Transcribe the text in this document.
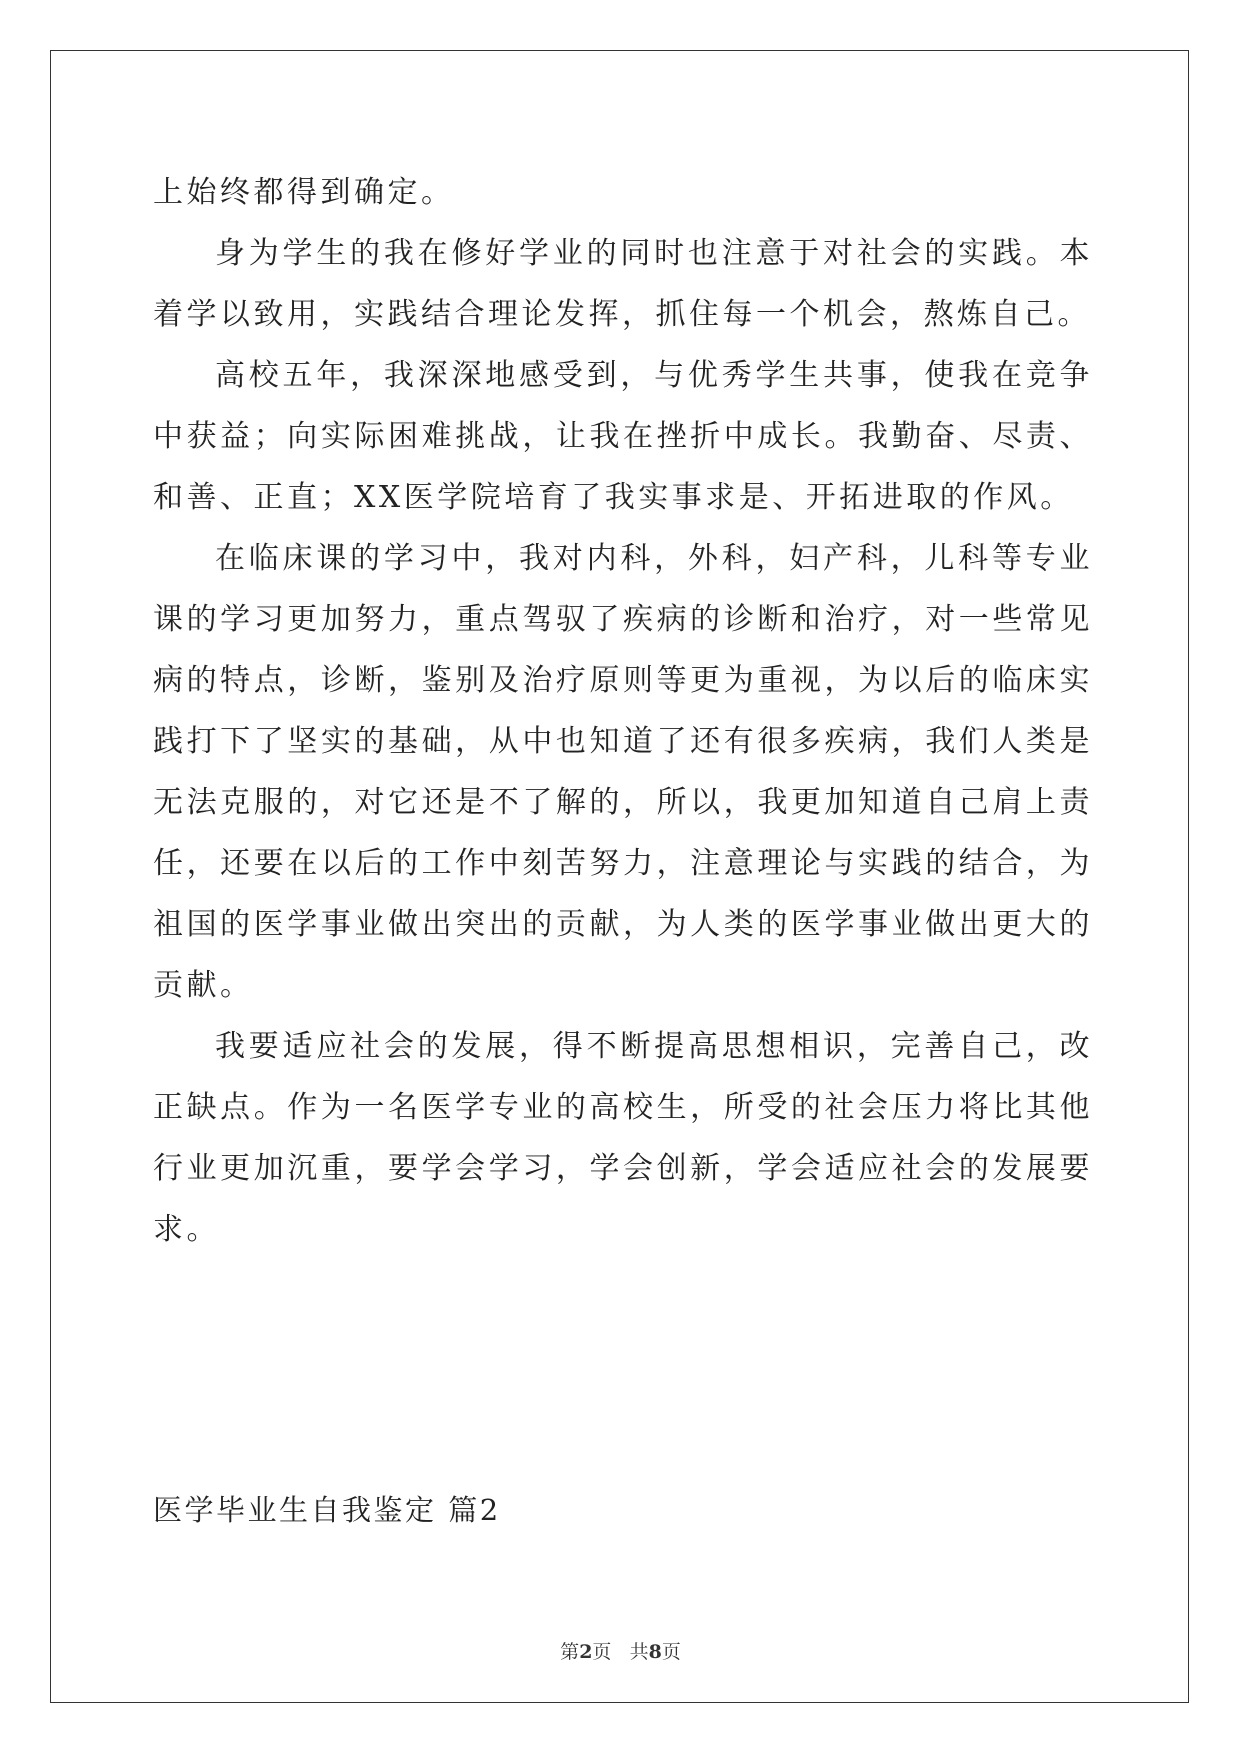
上始终都得到确定。

身为学生的我在修好学业的同时也注意于对社会的实践。本着学以致用，实践结合理论发挥，抓住每一个机会，熬炼自己。

高校五年，我深深地感受到，与优秀学生共事，使我在竞争中获益；向实际困难挑战，让我在挫折中成长。我勤奋、尽责、和善、正直；XX医学院培育了我实事求是、开拓进取的作风。

在临床课的学习中，我对内科，外科，妇产科，儿科等专业课的学习更加努力，重点驾驭了疾病的诊断和治疗，对一些常见病的特点，诊断，鉴别及治疗原则等更为重视，为以后的临床实践打下了坚实的基础，从中也知道了还有很多疾病，我们人类是无法克服的，对它还是不了解的，所以，我更加知道自己肩上责任，还要在以后的工作中刻苦努力，注意理论与实践的结合，为祖国的医学事业做出突出的贡献，为人类的医学事业做出更大的贡献。

我要适应社会的发展，得不断提高思想相识，完善自己，改正缺点。作为一名医学专业的高校生，所受的社会压力将比其他行业更加沉重，要学会学习，学会创新，学会适应社会的发展要求。

医学毕业生自我鉴定 篇2
第2页 共8页
